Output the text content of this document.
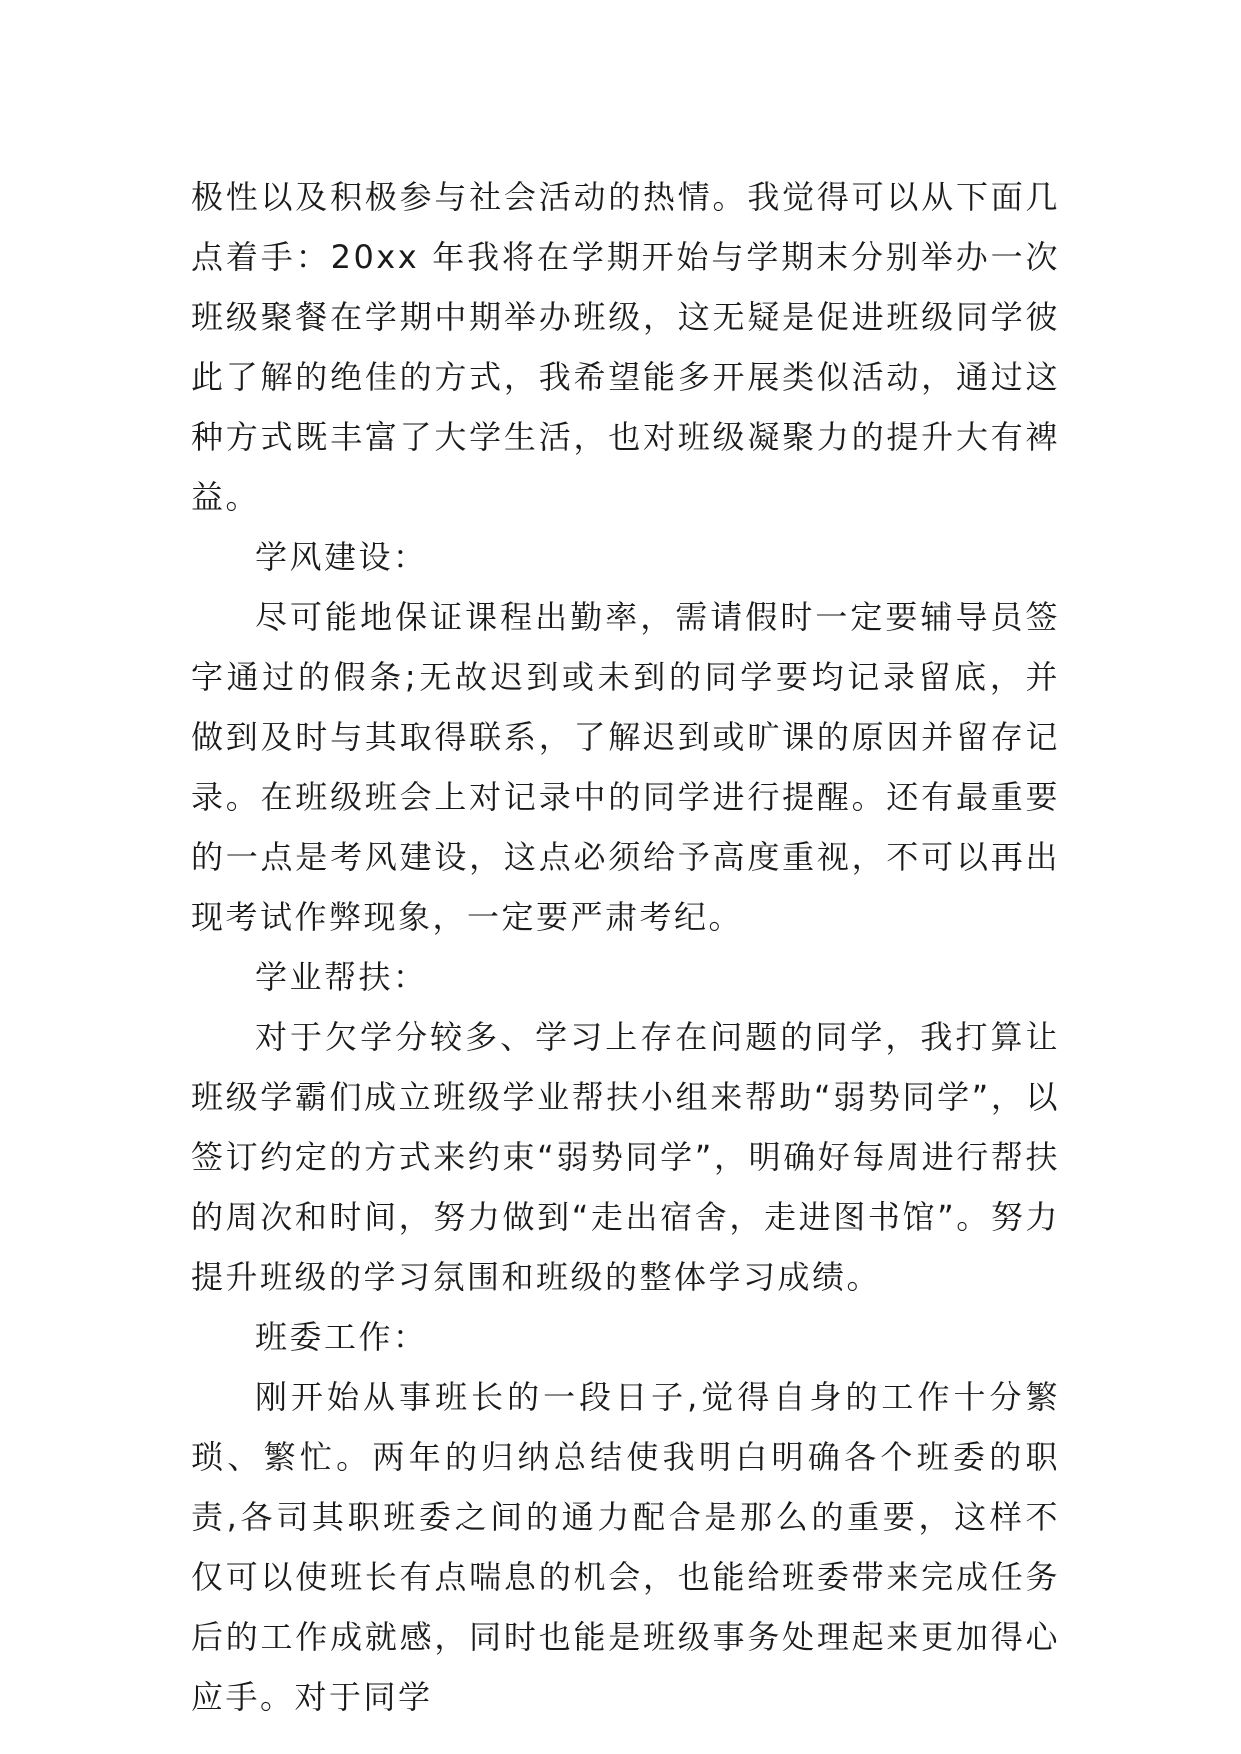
极性以及积极参与社会活动的热情。我觉得可以从下面几点着手：20xx 年我将在学期开始与学期末分别举办一次班级聚餐在学期中期举办班级，这无疑是促进班级同学彼此了解的绝佳的方式，我希望能多开展类似活动，通过这种方式既丰富了大学生活，也对班级凝聚力的提升大有裨益。

学风建设：

尽可能地保证课程出勤率，需请假时一定要辅导员签字通过的假条;无故迟到或未到的同学要均记录留底，并做到及时与其取得联系，了解迟到或旷课的原因并留存记录。在班级班会上对记录中的同学进行提醒。还有最重要的一点是考风建设，这点必须给予高度重视，不可以再出现考试作弊现象，一定要严肃考纪。

学业帮扶：

对于欠学分较多、学习上存在问题的同学，我打算让班级学霸们成立班级学业帮扶小组来帮助“弱势同学”，以签订约定的方式来约束“弱势同学”，明确好每周进行帮扶的周次和时间，努力做到“走出宿舍，走进图书馆”。努力提升班级的学习氛围和班级的整体学习成绩。

班委工作：

刚开始从事班长的一段日子,觉得自身的工作十分繁琐、繁忙。两年的归纳总结使我明白明确各个班委的职责,各司其职班委之间的通力配合是那么的重要，这样不仅可以使班长有点喘息的机会，也能给班委带来完成任务后的工作成就感，同时也能是班级事务处理起来更加得心应手。对于同学
